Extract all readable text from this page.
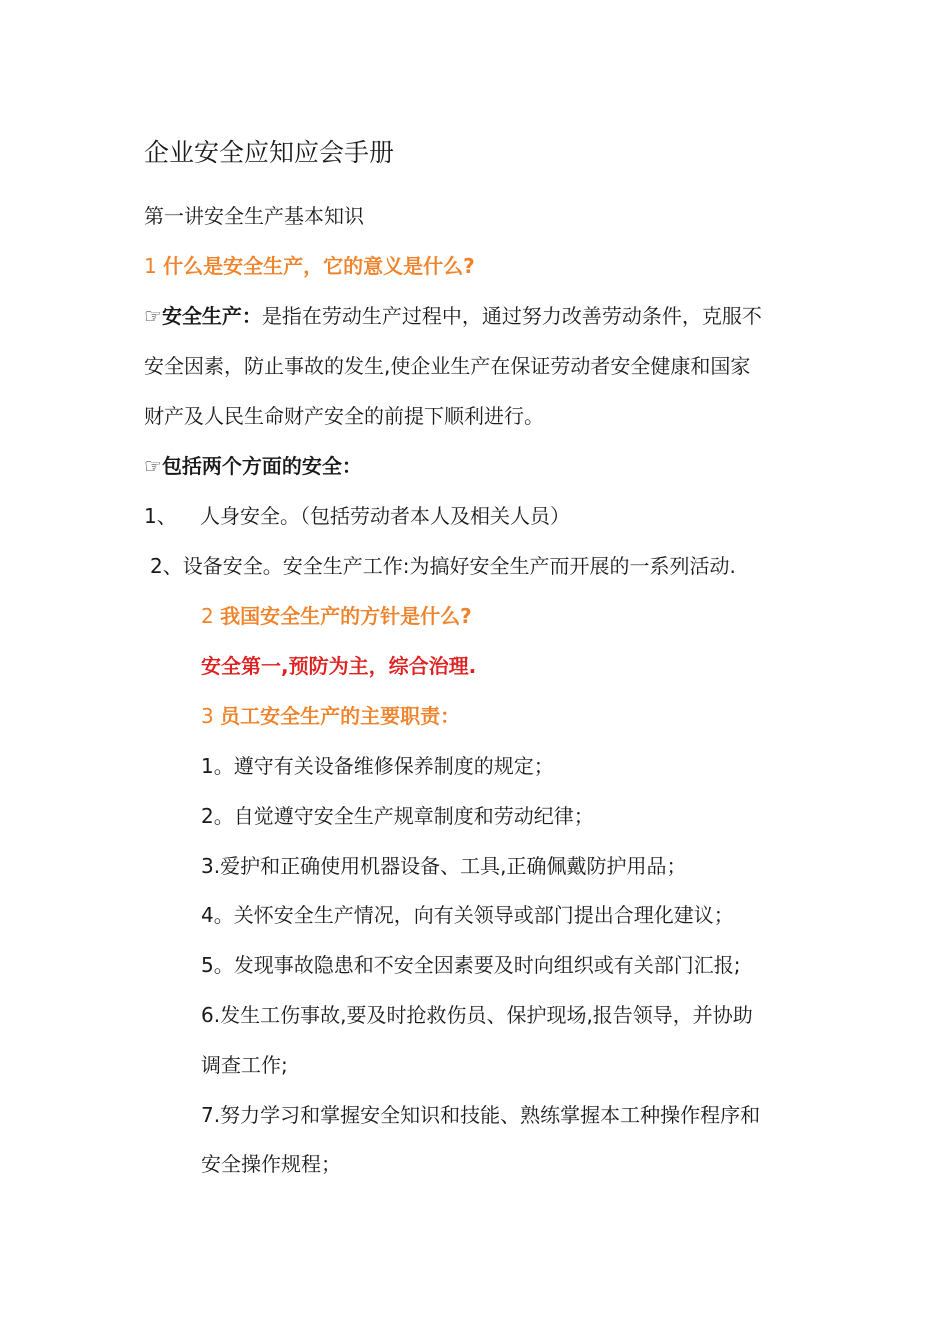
企业安全应知应会手册
第一讲安全生产基本知识
1 什么是安全生产，它的意义是什么?
☞安全生产：是指在劳动生产过程中，通过努力改善劳动条件，克服不
安全因素，防止事故的发生,使企业生产在保证劳动者安全健康和国家
财产及人民生命财产安全的前提下顺利进行。
☞包括两个方面的安全：
1、 人身安全。（包括劳动者本人及相关人员）
2、设备安全。安全生产工作:为搞好安全生产而开展的一系列活动.
2 我国安全生产的方针是什么?
安全第一,预防为主，综合治理.
3 员工安全生产的主要职责：
1。遵守有关设备维修保养制度的规定；
2。自觉遵守安全生产规章制度和劳动纪律；
3.爱护和正确使用机器设备、工具,正确佩戴防护用品；
4。关怀安全生产情况，向有关领导或部门提出合理化建议；
5。发现事故隐患和不安全因素要及时向组织或有关部门汇报;
6.发生工伤事故,要及时抢救伤员、保护现场,报告领导，并协助
调查工作;
7.努力学习和掌握安全知识和技能、熟练掌握本工种操作程序和
安全操作规程；
